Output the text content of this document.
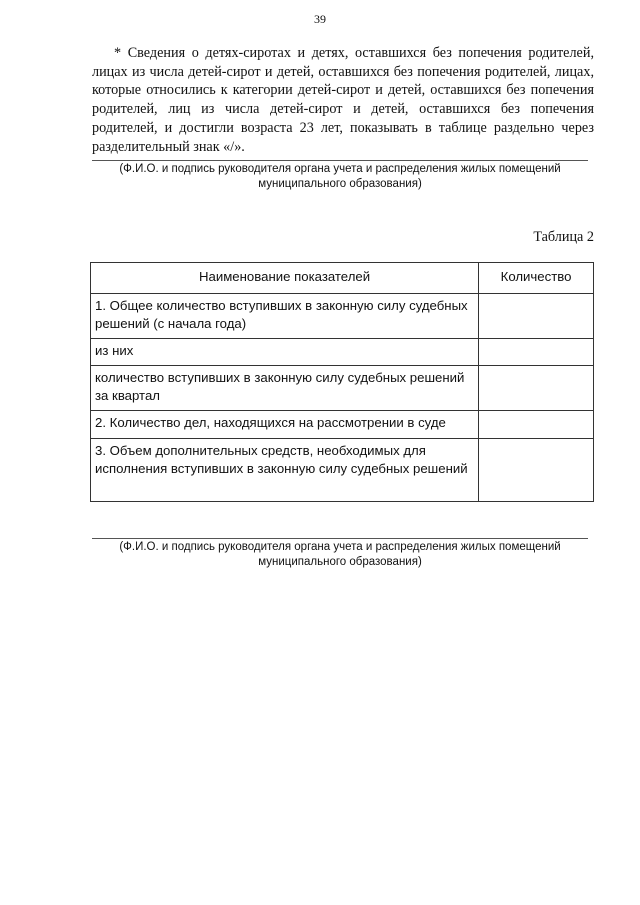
39

* Сведения о детях-сиротах и детях, оставшихся без попечения родителей, лицах из числа детей-сирот и детей, оставшихся без попечения родителей, лицах, которые относились к категории детей-сирот и детей, оставшихся без попечения родителей, лиц из числа детей-сирот и детей, оставшихся без попечения родителей, и достигли возраста 23 лет, показывать в таблице раздельно через разделительный знак «/».

(Ф.И.О. и подпись руководителя органа учета и распределения жилых помещений
муниципального образования)
Таблица 2
Наименование показателей	Количество
1. Общее количество вступивших в законную силу судебных решений (с начала года)	
из них	
количество вступивших в законную силу судебных решений за квартал	
2. Количество дел, находящихся на рассмотрении в суде	
3. Объем дополнительных средств, необходимых для исполнения вступивших в законную силу судебных решений	
(Ф.И.О. и подпись руководителя органа учета и распределения жилых помещений
муниципального образования)
